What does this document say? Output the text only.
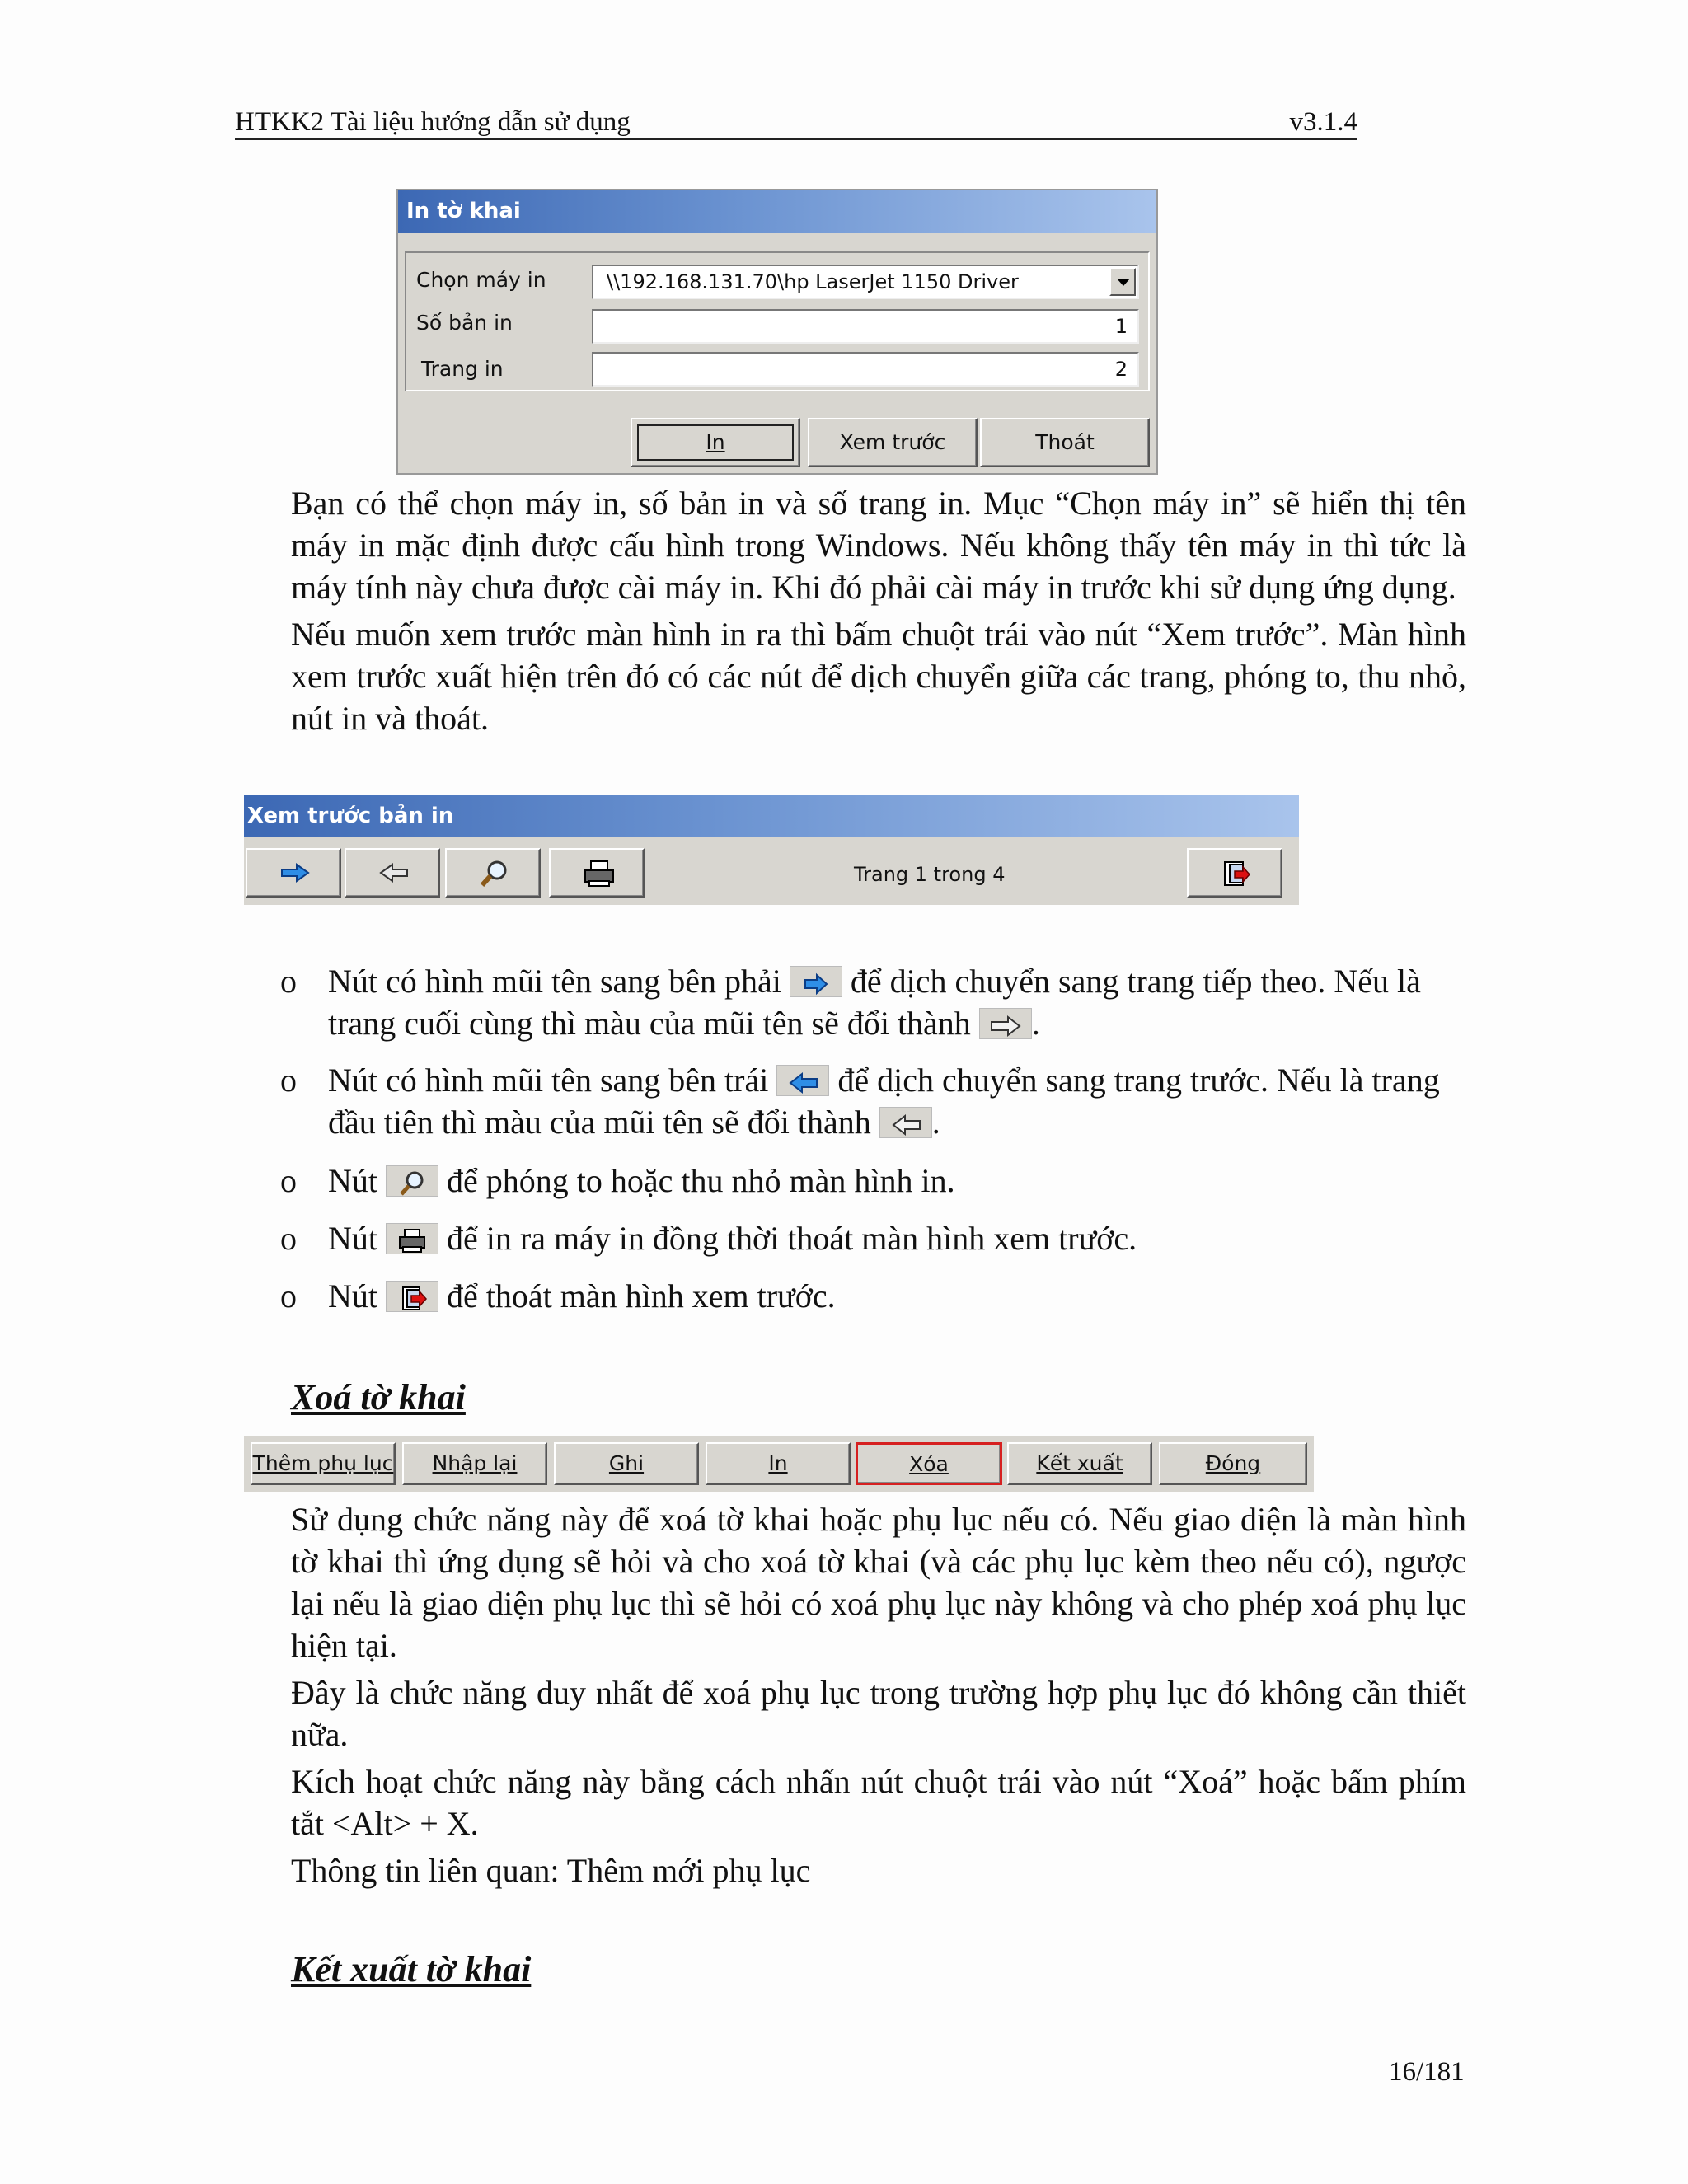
HTKK2 Tài liệu hướng dẫn sử dụng	v3.1.4
In tờ khai
Chọn máy in	\\192.168.131.70\hp LaserJet 1150 Driver
Số bản in	1
Trang in	2
In	Xem trước	Thoát

Bạn có thể chọn máy in, số bản in và số trang in. Mục “Chọn máy in” sẽ hiển thị tên máy in mặc định được cấu hình trong Windows. Nếu không thấy tên máy in thì tức là máy tính này chưa được cài máy in. Khi đó phải cài máy in trước khi sử dụng ứng dụng.

Nếu muốn xem trước màn hình in ra thì bấm chuột trái vào nút “Xem trước”. Màn hình xem trước xuất hiện trên đó có các nút để dịch chuyển giữa các trang, phóng to, thu nhỏ, nút in và thoát.

Xem trước bản in
Trang 1 trong 4
o Nút có hình mũi tên sang bên phải để dịch chuyển sang trang tiếp theo. Nếu là trang cuối cùng thì màu của mũi tên sẽ đổi thành .
o Nút có hình mũi tên sang bên trái để dịch chuyển sang trang trước. Nếu là trang đầu tiên thì màu của mũi tên sẽ đổi thành .
o Nút để phóng to hoặc thu nhỏ màn hình in.
o Nút để in ra máy in đồng thời thoát màn hình xem trước.
o Nút để thoát màn hình xem trước.
Xoá tờ khai
Thêm phụ lục	Nhập lại	Ghi	In	Xóa	Kết xuất	Đóng

Sử dụng chức năng này để xoá tờ khai hoặc phụ lục nếu có. Nếu giao diện là màn hình tờ khai thì ứng dụng sẽ hỏi và cho xoá tờ khai (và các phụ lục kèm theo nếu có), ngược lại nếu là giao diện phụ lục thì sẽ hỏi có xoá phụ lục này không và cho phép xoá phụ lục hiện tại.

Đây là chức năng duy nhất để xoá phụ lục trong trường hợp phụ lục đó không cần thiết nữa.

Kích hoạt chức năng này bằng cách nhấn nút chuột trái vào nút “Xoá” hoặc bấm phím tắt <Alt> + X.

Thông tin liên quan: Thêm mới phụ lục

Kết xuất tờ khai
16/181
